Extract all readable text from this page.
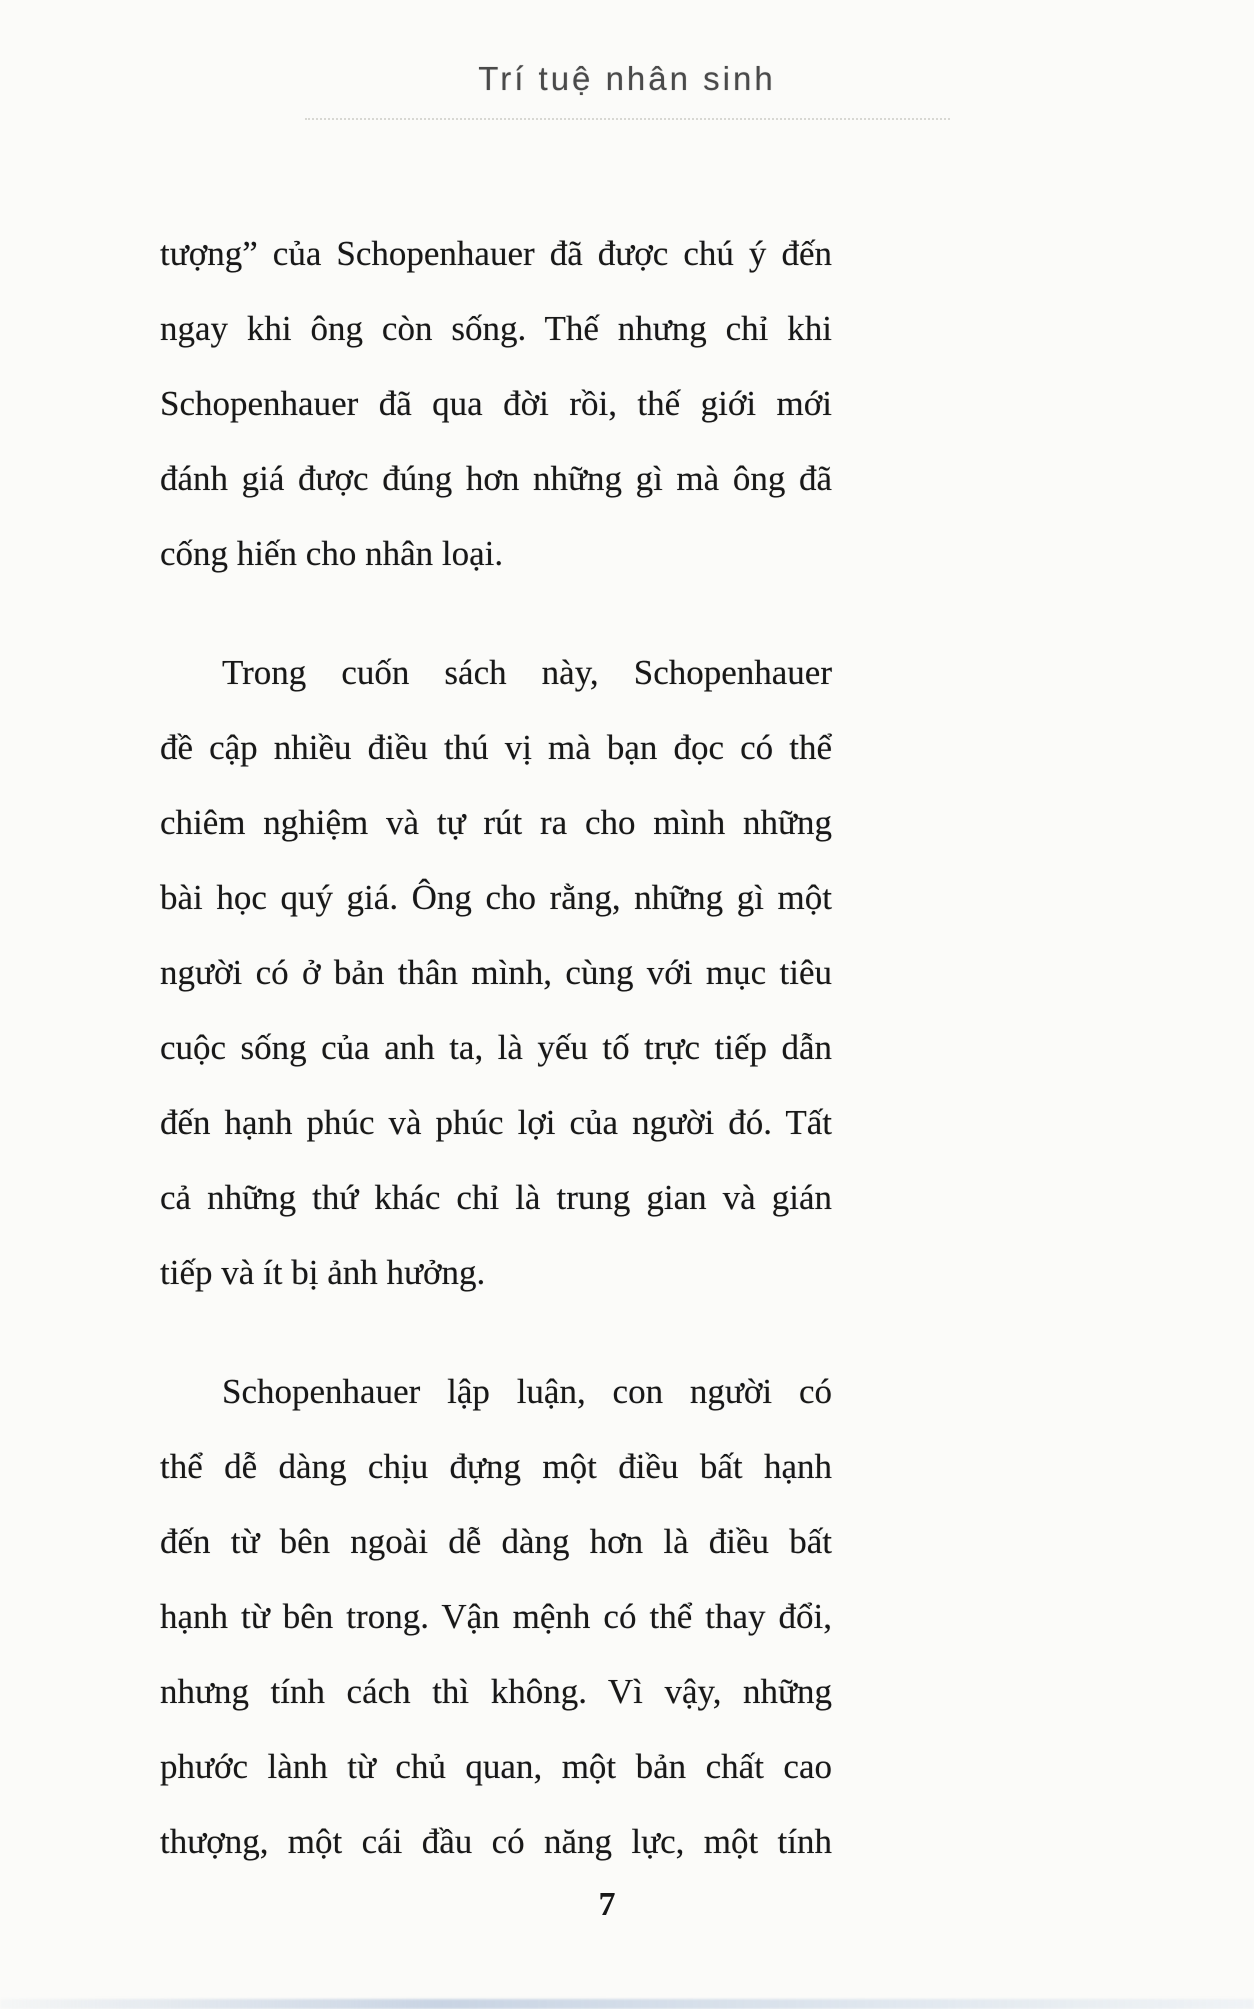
Trí tuệ nhân sinh
tượng” của Schopenhauer đã được chú ý đến
ngay khi ông còn sống. Thế nhưng chỉ khi
Schopenhauer đã qua đời rồi, thế giới mới
đánh giá được đúng hơn những gì mà ông đã
cống hiến cho nhân loại.
Trong cuốn sách này, Schopenhauer
đề cập nhiều điều thú vị mà bạn đọc có thể
chiêm nghiệm và tự rút ra cho mình những
bài học quý giá. Ông cho rằng, những gì một
người có ở bản thân mình, cùng với mục tiêu
cuộc sống của anh ta, là yếu tố trực tiếp dẫn
đến hạnh phúc và phúc lợi của người đó. Tất
cả những thứ khác chỉ là trung gian và gián
tiếp và ít bị ảnh hưởng.
Schopenhauer lập luận, con người có
thể dễ dàng chịu đựng một điều bất hạnh
đến từ bên ngoài dễ dàng hơn là điều bất
hạnh từ bên trong. Vận mệnh có thể thay đổi,
nhưng tính cách thì không. Vì vậy, những
phước lành từ chủ quan, một bản chất cao
thượng, một cái đầu có năng lực, một tính
7
